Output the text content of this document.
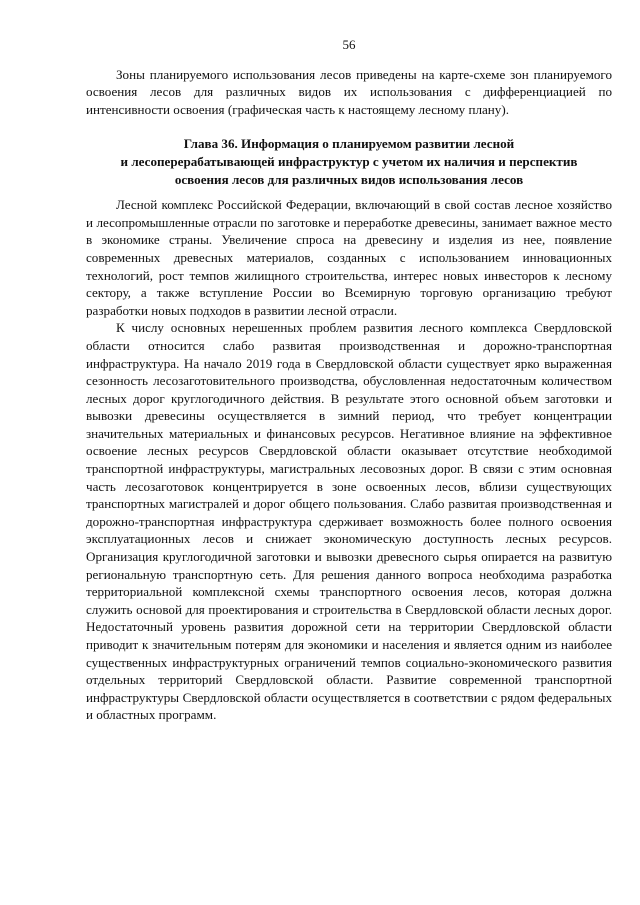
56

Зоны планируемого использования лесов приведены на карте-схеме зон планируемого освоения лесов для различных видов их использования с дифференциацией по интенсивности освоения (графическая часть к настоящему лесному плану).

Глава 36. Информация о планируемом развитии лесной
и лесоперерабатывающей инфраструктур с учетом их наличия и перспектив
освоения лесов для различных видов использования лесов

Лесной комплекс Российской Федерации, включающий в свой состав лесное хозяйство и лесопромышленные отрасли по заготовке и переработке древесины, занимает важное место в экономике страны. Увеличение спроса на древесину и изделия из нее, появление современных древесных материалов, созданных с использованием инновационных технологий, рост темпов жилищного строительства, интерес новых инвесторов к лесному сектору, а также вступление России во Всемирную торговую организацию требуют разработки новых подходов в развитии лесной отрасли.

К числу основных нерешенных проблем развития лесного комплекса Свердловской области относится слабо развитая производственная и дорожно-транспортная инфраструктура. На начало 2019 года в Свердловской области существует ярко выраженная сезонность лесозаготовительного производства, обусловленная недостаточным количеством лесных дорог круглогодичного действия. В результате этого основной объем заготовки и вывозки древесины осуществляется в зимний период, что требует концентрации значительных материальных и финансовых ресурсов. Негативное влияние на эффективное освоение лесных ресурсов Свердловской области оказывает отсутствие необходимой транспортной инфраструктуры, магистральных лесовозных дорог. В связи с этим основная часть лесозаготовок концентрируется в зоне освоенных лесов, вблизи существующих транспортных магистралей и дорог общего пользования. Слабо развитая производственная и дорожно-транспортная инфраструктура сдерживает возможность более полного освоения эксплуатационных лесов и снижает экономическую доступность лесных ресурсов. Организация круглогодичной заготовки и вывозки древесного сырья опирается на развитую региональную транспортную сеть. Для решения данного вопроса необходима разработка территориальной комплексной схемы транспортного освоения лесов, которая должна служить основой для проектирования и строительства в Свердловской области лесных дорог. Недостаточный уровень развития дорожной сети на территории Свердловской области приводит к значительным потерям для экономики и населения и является одним из наиболее существенных инфраструктурных ограничений темпов социально-экономического развития отдельных территорий Свердловской области. Развитие современной транспортной инфраструктуры Свердловской области осуществляется в соответствии с рядом федеральных и областных программ.
